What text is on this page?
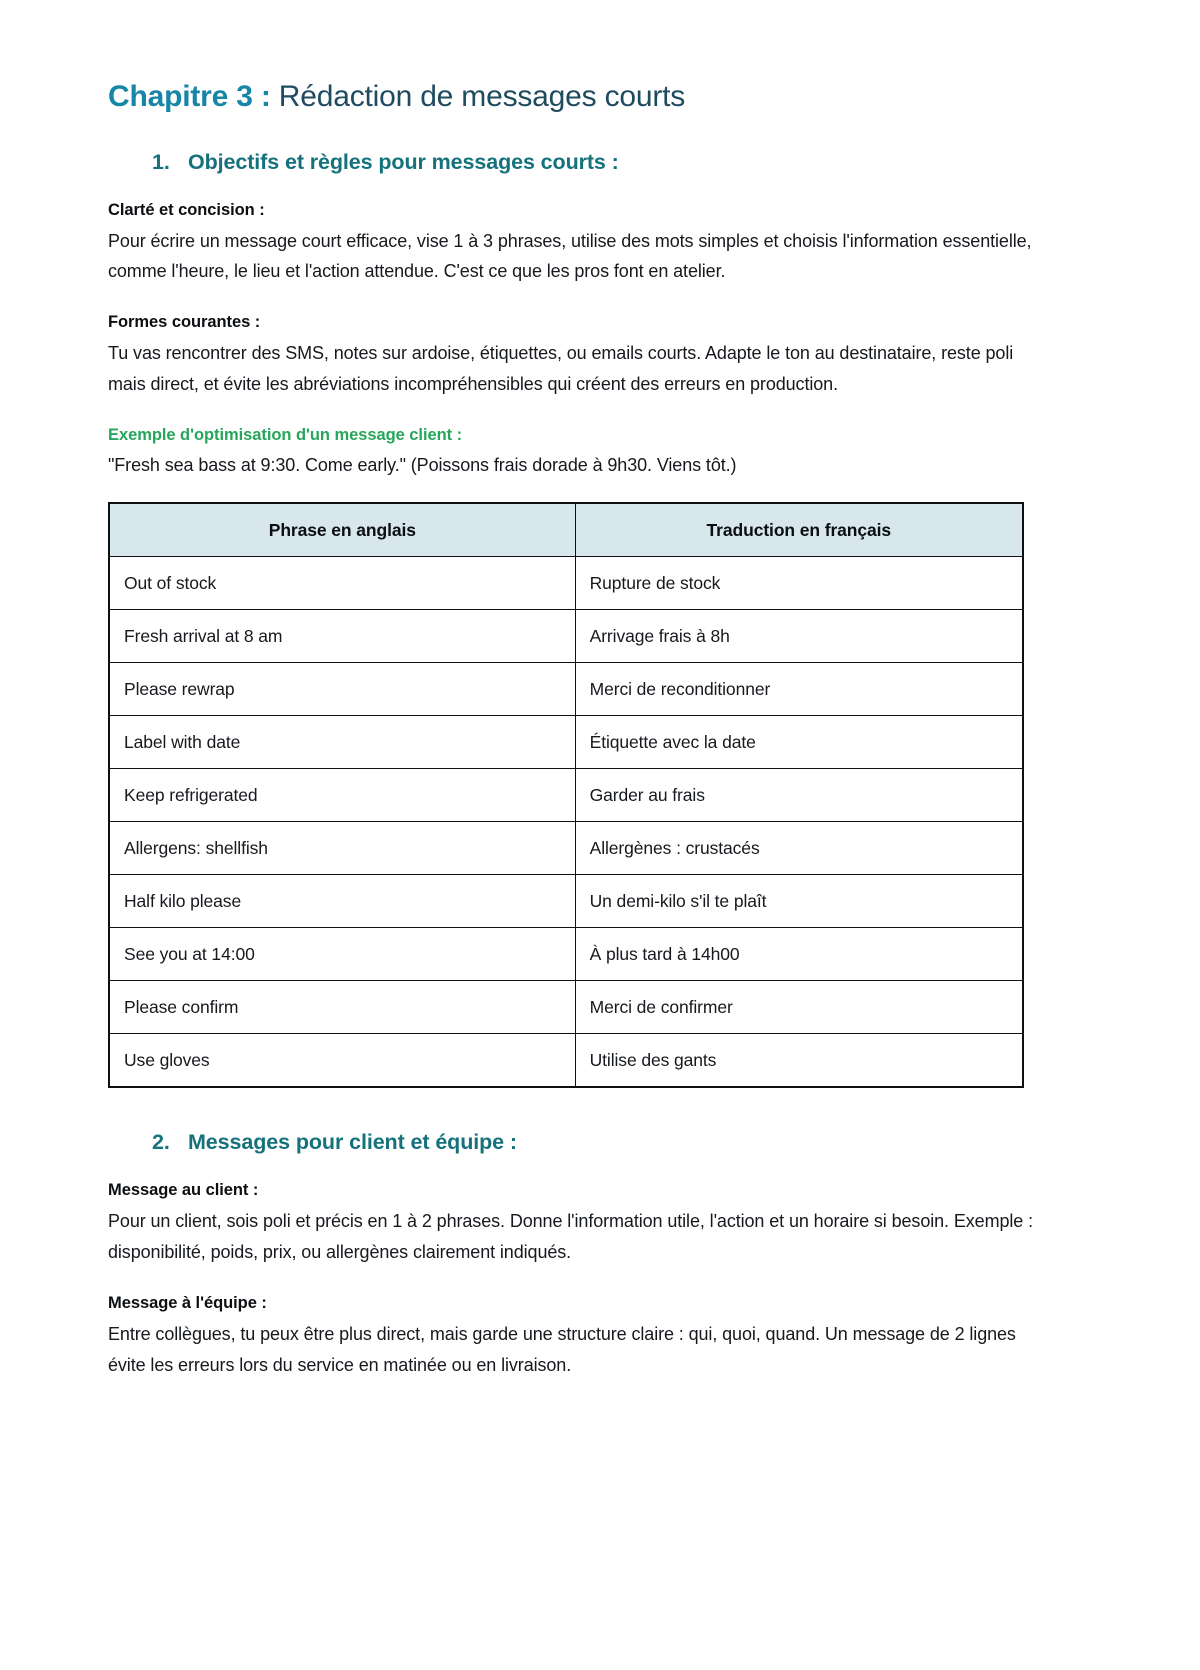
Chapitre 3 : Rédaction de messages courts
1. Objectifs et règles pour messages courts :
Clarté et concision :

Pour écrire un message court efficace, vise 1 à 3 phrases, utilise des mots simples et choisis l'information essentielle, comme l'heure, le lieu et l'action attendue. C'est ce que les pros font en atelier.

Formes courantes :

Tu vas rencontrer des SMS, notes sur ardoise, étiquettes, ou emails courts. Adapte le ton au destinataire, reste poli mais direct, et évite les abréviations incompréhensibles qui créent des erreurs en production.

Exemple d'optimisation d'un message client :

"Fresh sea bass at 9:30. Come early." (Poissons frais dorade à 9h30. Viens tôt.)

Phrase en anglais	Traduction en français
Out of stock	Rupture de stock
Fresh arrival at 8 am	Arrivage frais à 8h
Please rewrap	Merci de reconditionner
Label with date	Étiquette avec la date
Keep refrigerated	Garder au frais
Allergens: shellfish	Allergènes : crustacés
Half kilo please	Un demi-kilo s'il te plaît
See you at 14:00	À plus tard à 14h00
Please confirm	Merci de confirmer
Use gloves	Utilise des gants
2. Messages pour client et équipe :
Message au client :

Pour un client, sois poli et précis en 1 à 2 phrases. Donne l'information utile, l'action et un horaire si besoin. Exemple : disponibilité, poids, prix, ou allergènes clairement indiqués.

Message à l'équipe :

Entre collègues, tu peux être plus direct, mais garde une structure claire : qui, quoi, quand. Un message de 2 lignes évite les erreurs lors du service en matinée ou en livraison.
